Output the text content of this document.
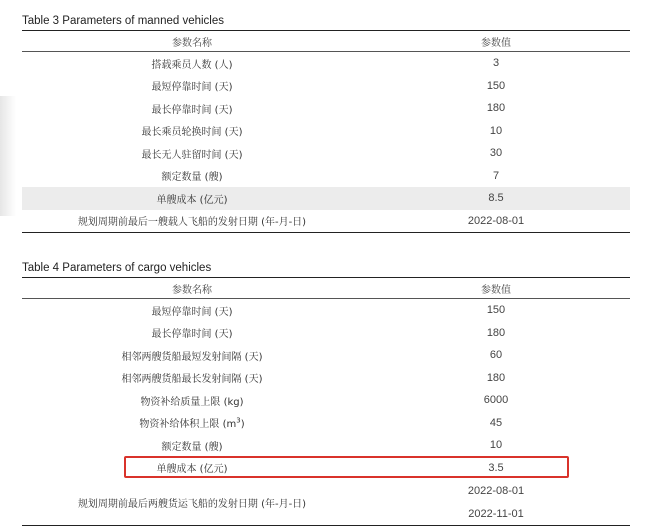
Table 3 Parameters of manned vehicles
参数名称	参数值
搭载乘员人数 (人)	3
最短停靠时间 (天)	150
最长停靠时间 (天)	180
最长乘员轮换时间 (天)	10
最长无人驻留时间 (天)	30
额定数量 (艘)	7
单艘成本 (亿元)	8.5
规划周期前最后一艘载人飞船的发射日期 (年-月-日)	2022-08-01
Table 4 Parameters of cargo vehicles
参数名称	参数值
最短停靠时间 (天)	150
最长停靠时间 (天)	180
相邻两艘货船最短发射间隔 (天)	60
相邻两艘货船最长发射间隔 (天)	180
物资补给质量上限 (kg)	6000
物资补给体积上限 $(m^3)$	45
额定数量 (艘)	10
单艘成本 (亿元)	3.5
规划周期前最后两艘货运飞船的发射日期 (年-月-日)	2022-08-01
2022-11-01
